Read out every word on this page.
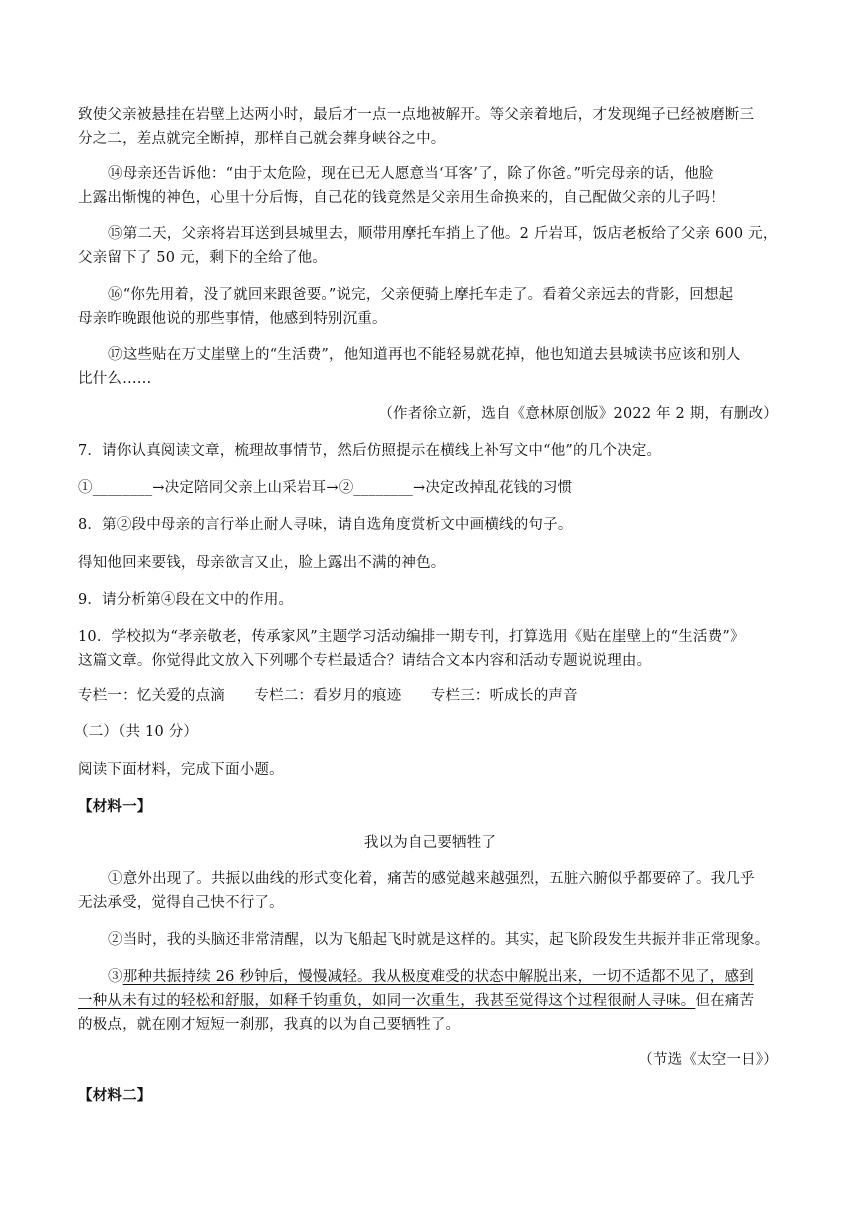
致使父亲被悬挂在岩壁上达两小时，最后才一点一点地被解开。等父亲着地后，才发现绳子已经被磨断三
分之二，差点就完全断掉，那样自己就会葬身峡谷之中。
⑭母亲还告诉他：“由于太危险，现在已无人愿意当‘耳客’了，除了你爸。”听完母亲的话，他脸
上露出惭愧的神色，心里十分后悔，自己花的钱竟然是父亲用生命换来的，自己配做父亲的儿子吗！
⑮第二天，父亲将岩耳送到县城里去，顺带用摩托车捎上了他。2 斤岩耳，饭店老板给了父亲 600 元，
父亲留下了 50 元，剩下的全给了他。
⑯“你先用着，没了就回来跟爸要。”说完，父亲便骑上摩托车走了。看着父亲远去的背影，回想起
母亲昨晚跟他说的那些事情，他感到特别沉重。
⑰这些贴在万丈崖壁上的“生活费”，他知道再也不能轻易就花掉，他也知道去县城读书应该和别人
比什么……
（作者徐立新，选自《意林原创版》2022 年 2 期，有删改）
7．请你认真阅读文章，梳理故事情节，然后仿照提示在横线上补写文中“他”的几个决定。
①________→决定陪同父亲上山采岩耳→②________→决定改掉乱花钱的习惯
8．第②段中母亲的言行举止耐人寻味，请自选角度赏析文中画横线的句子。
得知他回来要钱，母亲欲言又止，脸上露出不满的神色。
9．请分析第④段在文中的作用。
10．学校拟为“孝亲敬老，传承家风”主题学习活动编排一期专刊，打算选用《贴在崖壁上的“生活费”》
这篇文章。你觉得此文放入下列哪个专栏最适合？请结合文本内容和活动专题说说理由。
专栏一：忆关爱的点滴　　专栏二：看岁月的痕迹　　专栏三：听成长的声音
（二）（共 10 分）
阅读下面材料，完成下面小题。
【材料一】
我以为自己要牺牲了
①意外出现了。共振以曲线的形式变化着，痛苦的感觉越来越强烈，五脏六腑似乎都要碎了。我几乎
无法承受，觉得自己快不行了。
②当时，我的头脑还非常清醒，以为飞船起飞时就是这样的。其实，起飞阶段发生共振并非正常现象。
③那种共振持续 26 秒钟后，慢慢减轻。我从极度难受的状态中解脱出来，一切不适都不见了，感到
一种从未有过的轻松和舒服，如释千钧重负，如同一次重生，我甚至觉得这个过程很耐人寻味。但在痛苦
的极点，就在刚才短短一刹那，我真的以为自己要牺牲了。
（节选《太空一日》）
【材料二】
